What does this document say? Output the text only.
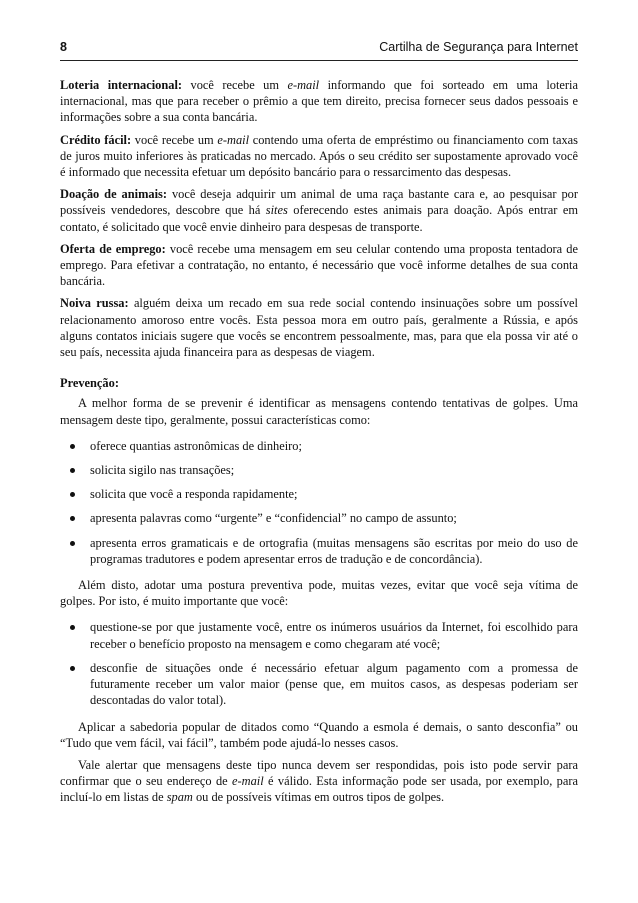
8	Cartilha de Segurança para Internet
Loteria internacional: você recebe um e-mail informando que foi sorteado em uma loteria internacional, mas que para receber o prêmio a que tem direito, precisa fornecer seus dados pessoais e informações sobre a sua conta bancária.
Crédito fácil: você recebe um e-mail contendo uma oferta de empréstimo ou financiamento com taxas de juros muito inferiores às praticadas no mercado. Após o seu crédito ser supostamente aprovado você é informado que necessita efetuar um depósito bancário para o ressarcimento das despesas.
Doação de animais: você deseja adquirir um animal de uma raça bastante cara e, ao pesquisar por possíveis vendedores, descobre que há sites oferecendo estes animais para doação. Após entrar em contato, é solicitado que você envie dinheiro para despesas de transporte.
Oferta de emprego: você recebe uma mensagem em seu celular contendo uma proposta tentadora de emprego. Para efetivar a contratação, no entanto, é necessário que você informe detalhes de sua conta bancária.
Noiva russa: alguém deixa um recado em sua rede social contendo insinuações sobre um possível relacionamento amoroso entre vocês. Esta pessoa mora em outro país, geralmente a Rússia, e após alguns contatos iniciais sugere que vocês se encontrem pessoalmente, mas, para que ela possa vir até o seu país, necessita ajuda financeira para as despesas de viagem.
Prevenção:

A melhor forma de se prevenir é identificar as mensagens contendo tentativas de golpes. Uma mensagem deste tipo, geralmente, possui características como:

oferece quantias astronômicas de dinheiro;
solicita sigilo nas transações;
solicita que você a responda rapidamente;
apresenta palavras como “urgente” e “confidencial” no campo de assunto;
apresenta erros gramaticais e de ortografia (muitas mensagens são escritas por meio do uso de programas tradutores e podem apresentar erros de tradução e de concordância).

Além disto, adotar uma postura preventiva pode, muitas vezes, evitar que você seja vítima de golpes. Por isto, é muito importante que você:

questione-se por que justamente você, entre os inúmeros usuários da Internet, foi escolhido para receber o benefício proposto na mensagem e como chegaram até você;
desconfie de situações onde é necessário efetuar algum pagamento com a promessa de futuramente receber um valor maior (pense que, em muitos casos, as despesas poderiam ser descontadas do valor total).

Aplicar a sabedoria popular de ditados como “Quando a esmola é demais, o santo desconfia” ou “Tudo que vem fácil, vai fácil”, também pode ajudá-lo nesses casos.

Vale alertar que mensagens deste tipo nunca devem ser respondidas, pois isto pode servir para confirmar que o seu endereço de e-mail é válido. Esta informação pode ser usada, por exemplo, para incluí-lo em listas de spam ou de possíveis vítimas em outros tipos de golpes.
